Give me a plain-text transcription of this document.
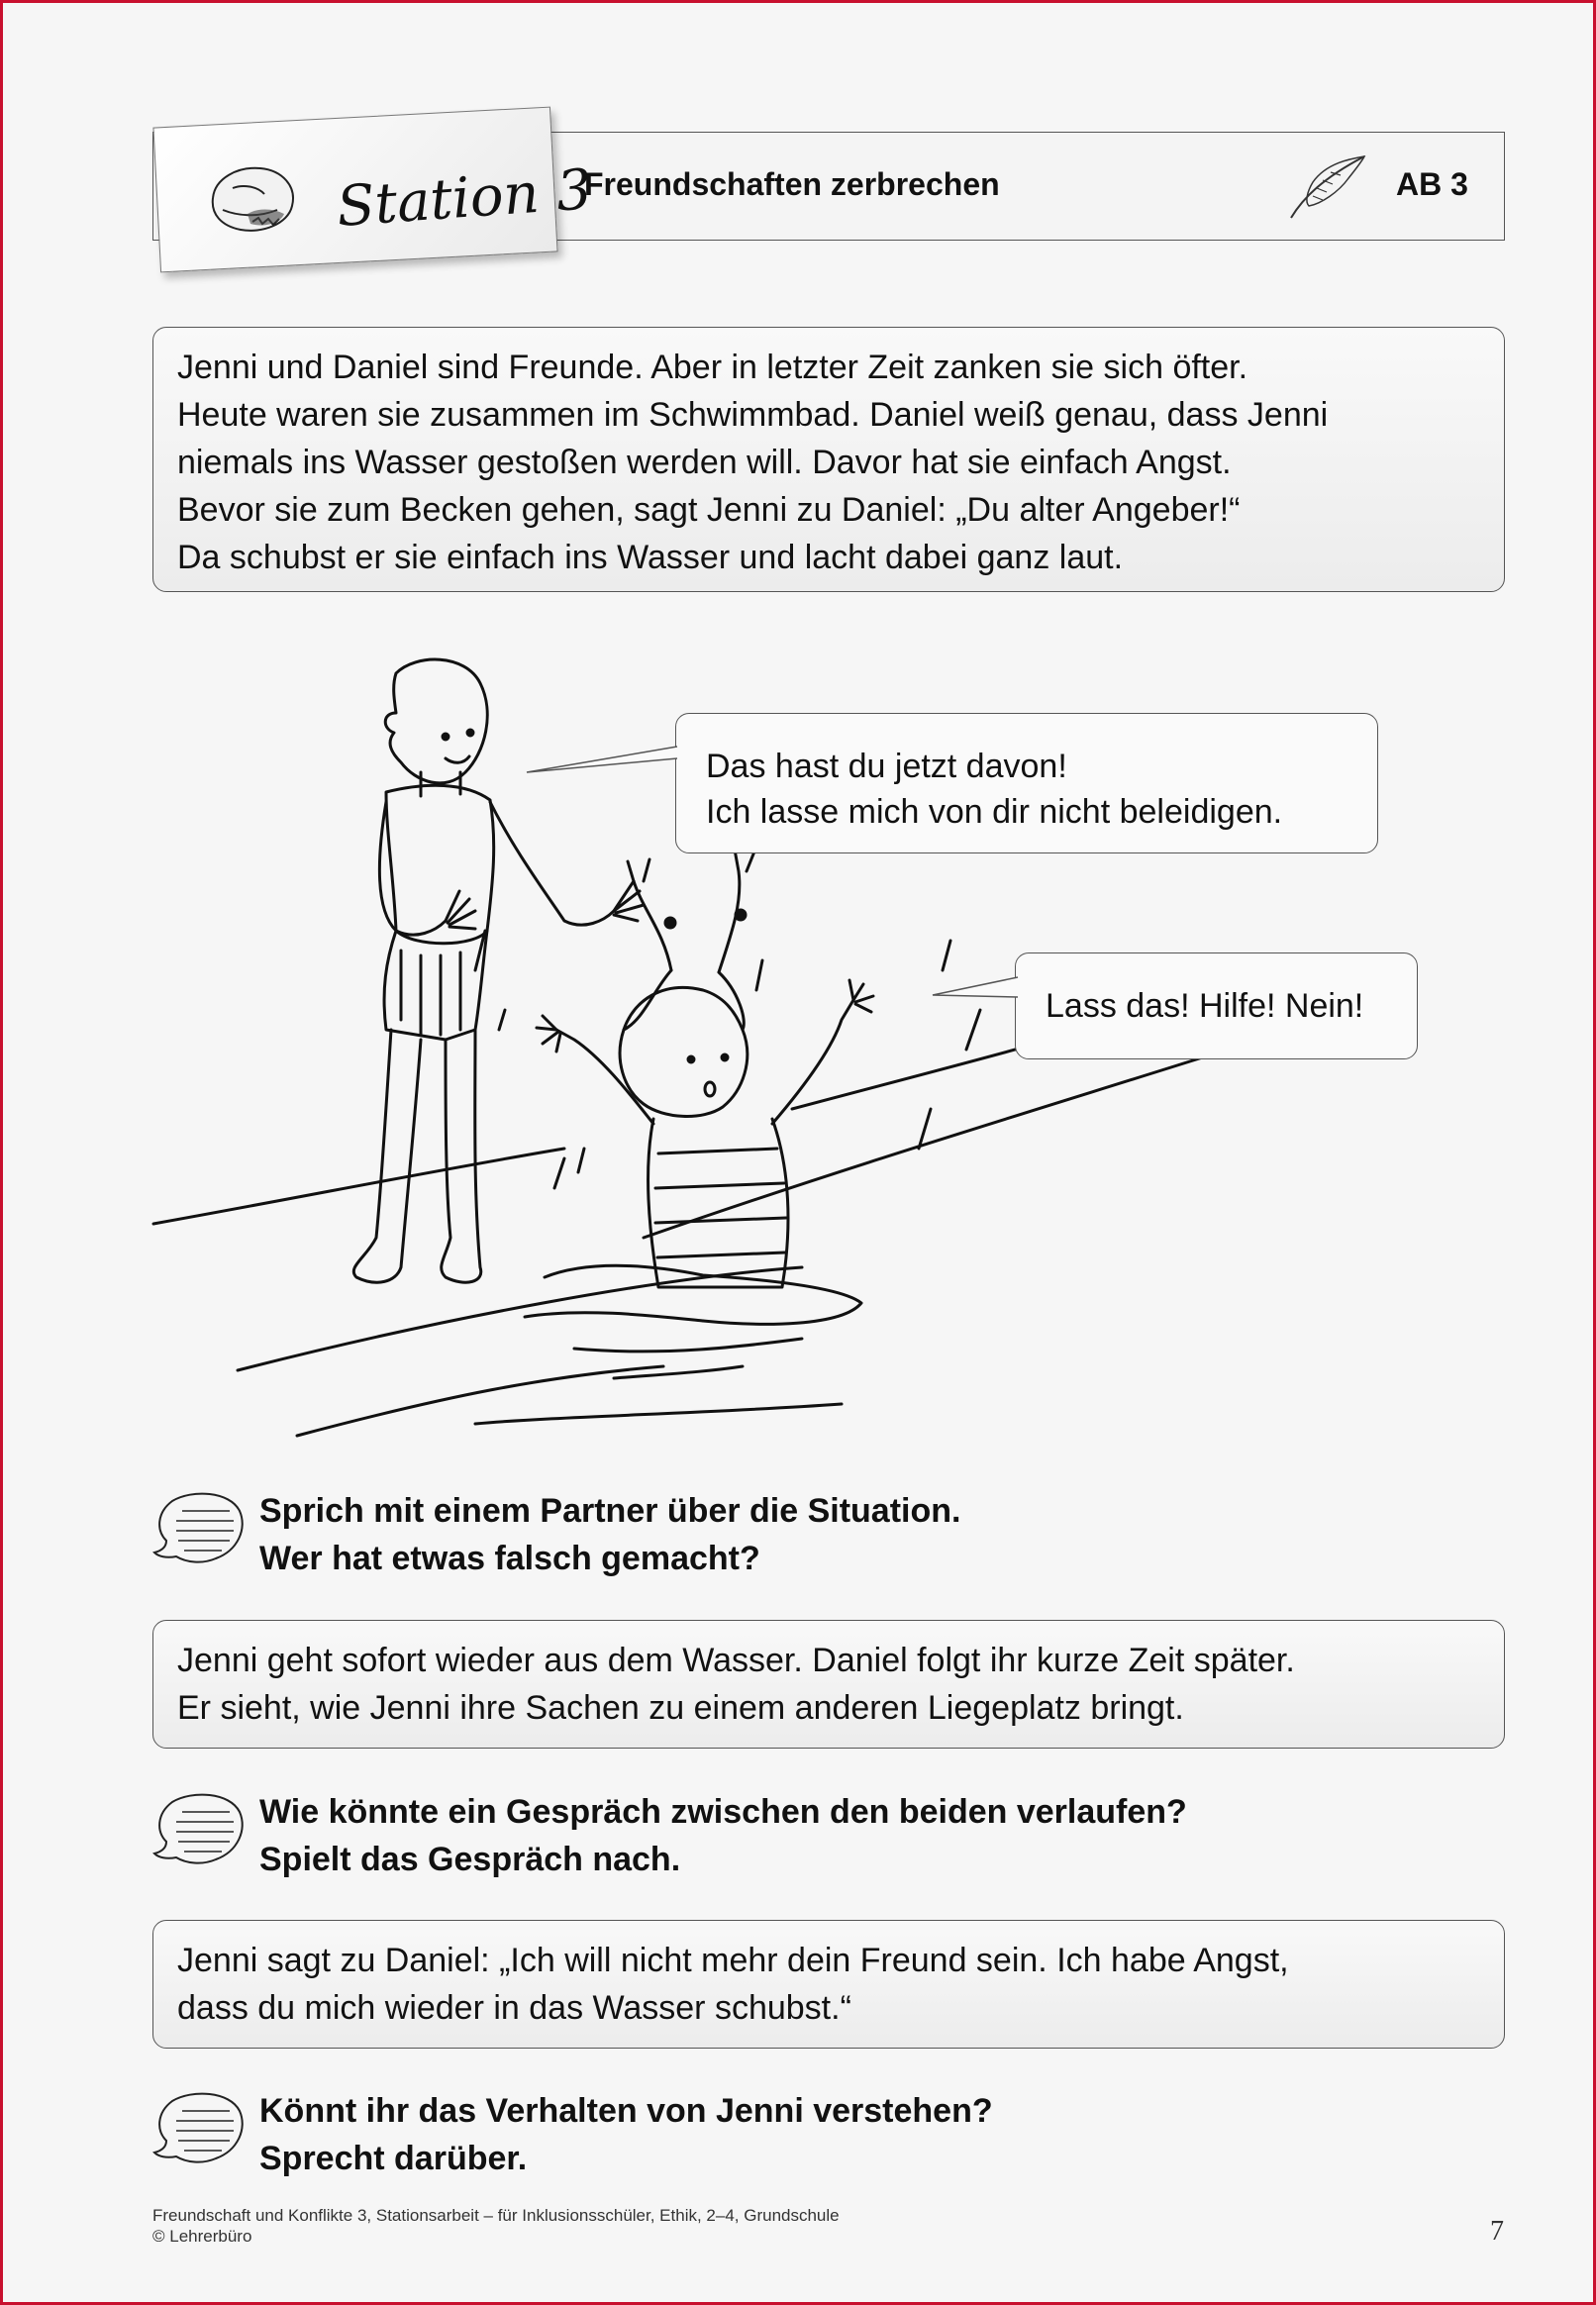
Station 3
Freundschaften zerbrechen	AB 3

Jenni und Daniel sind Freunde. Aber in letzter Zeit zanken sie sich öfter.

Heute waren sie zusammen im Schwimmbad. Daniel weiß genau, dass Jenni

niemals ins Wasser gestoßen werden will. Davor hat sie einfach Angst.

Bevor sie zum Becken gehen, sagt Jenni zu Daniel: „Du alter Angeber!“

Da schubst er sie einfach ins Wasser und lacht dabei ganz laut.

Das hast du jetzt davon!

Ich lasse mich von dir nicht beleidigen.

Lass das! Hilfe! Nein!

Sprich mit einem Partner über die Situation.

Wer hat etwas falsch gemacht?

Jenni geht sofort wieder aus dem Wasser. Daniel folgt ihr kurze Zeit später.

Er sieht, wie Jenni ihre Sachen zu einem anderen Liegeplatz bringt.

Wie könnte ein Gespräch zwischen den beiden verlaufen?

Spielt das Gespräch nach.

Jenni sagt zu Daniel: „Ich will nicht mehr dein Freund sein. Ich habe Angst,

dass du mich wieder in das Wasser schubst.“

Könnt ihr das Verhalten von Jenni verstehen?

Sprecht darüber.

Freundschaft und Konflikte 3, Stationsarbeit – für Inklusionsschüler, Ethik, 2–4, Grundschule

© Lehrerbüro	7
